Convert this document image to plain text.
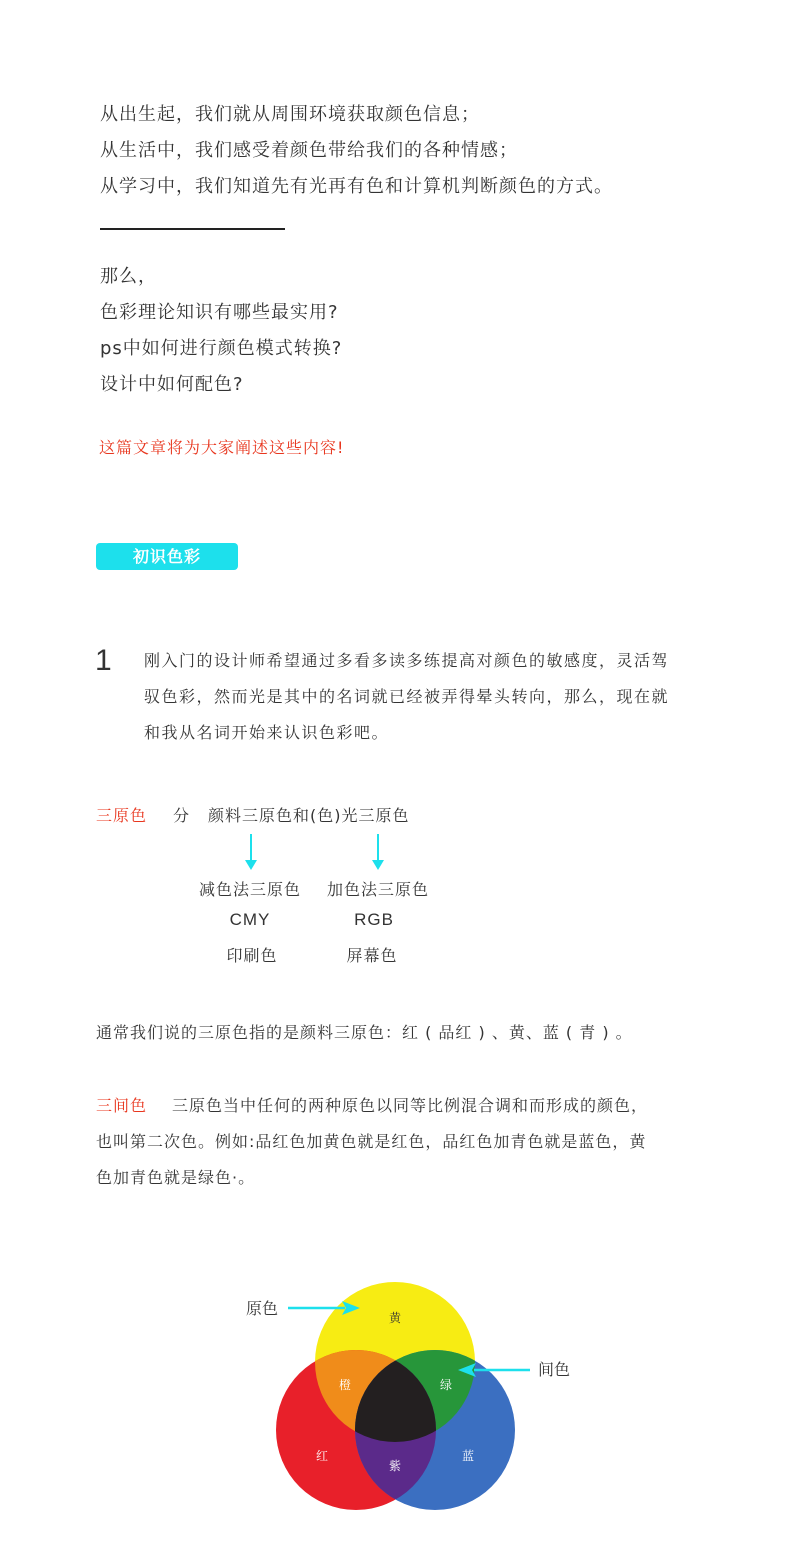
从出生起，我们就从周围环境获取颜色信息；
从生活中，我们感受着颜色带给我们的各种情感；
从学习中，我们知道先有光再有色和计算机判断颜色的方式。
那么，
色彩理论知识有哪些最实用?
ps中如何进行颜色模式转换?
设计中如何配色?
这篇文章将为大家阐述这些内容!
初识色彩
1 刚入门的设计师希望通过多看多读多练提高对颜色的敏感度，灵活驾
驭色彩，然而光是其中的名词就已经被弄得晕头转向，那么，现在就
和我从名词开始来认识色彩吧。
三原色 分 颜料三原色和(色)光三原色
减色法三原色
CMY
印刷色
加色法三原色
RGB
屏幕色
通常我们说的三原色指的是颜料三原色：红 ( 品红 ) 、黄、蓝 ( 青 ) 。
三间色 三原色当中任何的两种原色以同等比例混合调和而形成的颜色，
也叫第二次色。例如:品红色加黄色就是红色，品红色加青色就是蓝色，黄
色加青色就是绿色·。
黄
橙	绿
红	蓝
紫
原色
间色
